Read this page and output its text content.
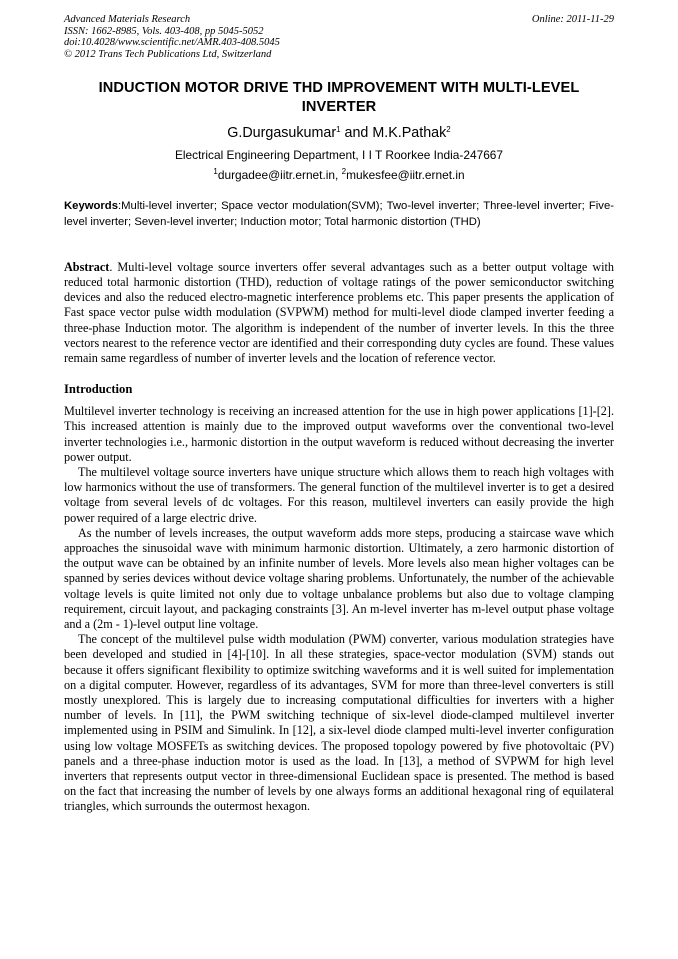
Advanced Materials Research
ISSN: 1662-8985, Vols. 403-408, pp 5045-5052
doi:10.4028/www.scientific.net/AMR.403-408.5045
© 2012 Trans Tech Publications Ltd, Switzerland
Online: 2011-11-29
INDUCTION MOTOR DRIVE THD IMPROVEMENT WITH MULTI-LEVEL INVERTER
G.Durgasukumar$^1$ and M.K.Pathak$^2$
Electrical Engineering Department, I I T Roorkee India-247667
$^1$durgadee@iitr.ernet.in, $^2$mukesfee@iitr.ernet.in
Keywords:Multi-level inverter; Space vector modulation(SVM); Two-level inverter; Three-level inverter; Five-level inverter; Seven-level inverter; Induction motor; Total harmonic distortion (THD)
Abstract. Multi-level voltage source inverters offer several advantages such as a better output voltage with reduced total harmonic distortion (THD), reduction of voltage ratings of the power semiconductor switching devices and also the reduced electro-magnetic interference problems etc. This paper presents the application of Fast space vector pulse width modulation (SVPWM) method for multi-level diode clamped inverter feeding a three-phase Induction motor. The algorithm is independent of the number of inverter levels. In this the three vectors nearest to the reference vector are identified and their corresponding duty cycles are found. These values remain same regardless of number of inverter levels and the location of reference vector.
Introduction

Multilevel inverter technology is receiving an increased attention for the use in high power applications [1]-[2]. This increased attention is mainly due to the improved output waveforms over the conventional two-level inverter technologies i.e., harmonic distortion in the output waveform is reduced without decreasing the inverter power output.

The multilevel voltage source inverters have unique structure which allows them to reach high voltages with low harmonics without the use of transformers. The general function of the multilevel inverter is to get a desired voltage from several levels of dc voltages. For this reason, multilevel inverters can easily provide the high power required of a large electric drive.

As the number of levels increases, the output waveform adds more steps, producing a staircase wave which approaches the sinusoidal wave with minimum harmonic distortion. Ultimately, a zero harmonic distortion of the output wave can be obtained by an infinite number of levels. More levels also mean higher voltages can be spanned by series devices without device voltage sharing problems. Unfortunately, the number of the achievable voltage levels is quite limited not only due to voltage unbalance problems but also due to voltage clamping requirement, circuit layout, and packaging constraints [3]. An m-level inverter has m-level output phase voltage and a (2m - 1)-level output line voltage.

The concept of the multilevel pulse width modulation (PWM) converter, various modulation strategies have been developed and studied in [4]-[10]. In all these strategies, space-vector modulation (SVM) stands out because it offers significant flexibility to optimize switching waveforms and it is well suited for implementation on a digital computer. However, regardless of its advantages, SVM for more than three-level converters is still mostly unexplored. This is largely due to increasing computational difficulties for inverters with a higher number of levels. In [11], the PWM switching technique of six-level diode-clamped multilevel inverter implemented using in PSIM and Simulink. In [12], a six-level diode clamped multi-level inverter configuration using low voltage MOSFETs as switching devices. The proposed topology powered by five photovoltaic (PV) panels and a three-phase induction motor is used as the load. In [13], a method of SVPWM for high level inverters that represents output vector in three-dimensional Euclidean space is presented. The method is based on the fact that increasing the number of levels by one always forms an additional hexagonal ring of equilateral triangles, which surrounds the outermost hexagon.
